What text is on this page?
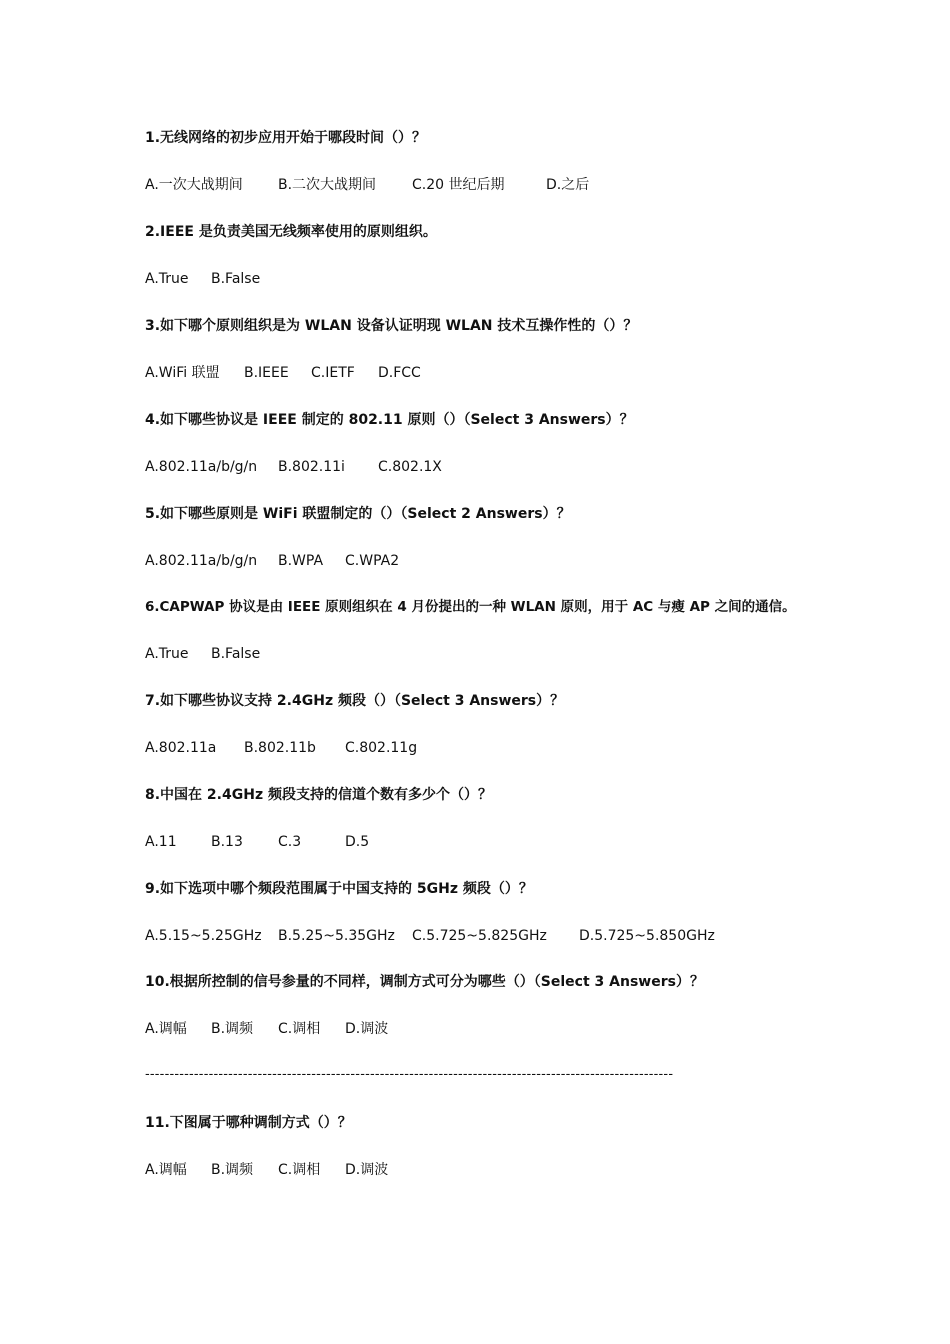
1.无线网络的初步应用开始于哪段时间（）？
A.一次大战期间	B.二次大战期间	C.20 世纪后期	D.之后
2.IEEE 是负责美国无线频率使用的原则组织。
A.True B.False
3.如下哪个原则组织是为 WLAN 设备认证明现 WLAN 技术互操作性的（）？
A.WiFi 联盟 B.IEEE C.IETF D.FCC
4.如下哪些协议是 IEEE 制定的 802.11 原则（）（Select 3 Answers）？
A.802.11a/b/g/n B.802.11i C.802.1X
5.如下哪些原则是 WiFi 联盟制定的（）（Select 2 Answers）？
A.802.11a/b/g/n B.WPA C.WPA2
6.CAPWAP 协议是由 IEEE 原则组织在 4 月份提出的一种 WLAN 原则，用于 AC 与瘦 AP 之间的通信。
A.True B.False
7.如下哪些协议支持 2.4GHz 频段（）（Select 3 Answers）？
A.802.11a B.802.11b C.802.11g
8.中国在 2.4GHz 频段支持的信道个数有多少个（）？
A.11 B.13	C.3	D.5
9.如下选项中哪个频段范围属于中国支持的 5GHz 频段（）？
A.5.15~5.25GHz B.5.25~5.35GHz C.5.725~5.825GHz D.5.725~5.850GHz
10.根据所控制的信号参量的不同样，调制方式可分为哪些（）（Select 3 Answers）？
A.调幅 B.调频 C.调相 D.调波
------------------------------------------------------------------------------------------------------------
11.下图属于哪种调制方式（）？
A.调幅 B.调频 C.调相 D.调波
